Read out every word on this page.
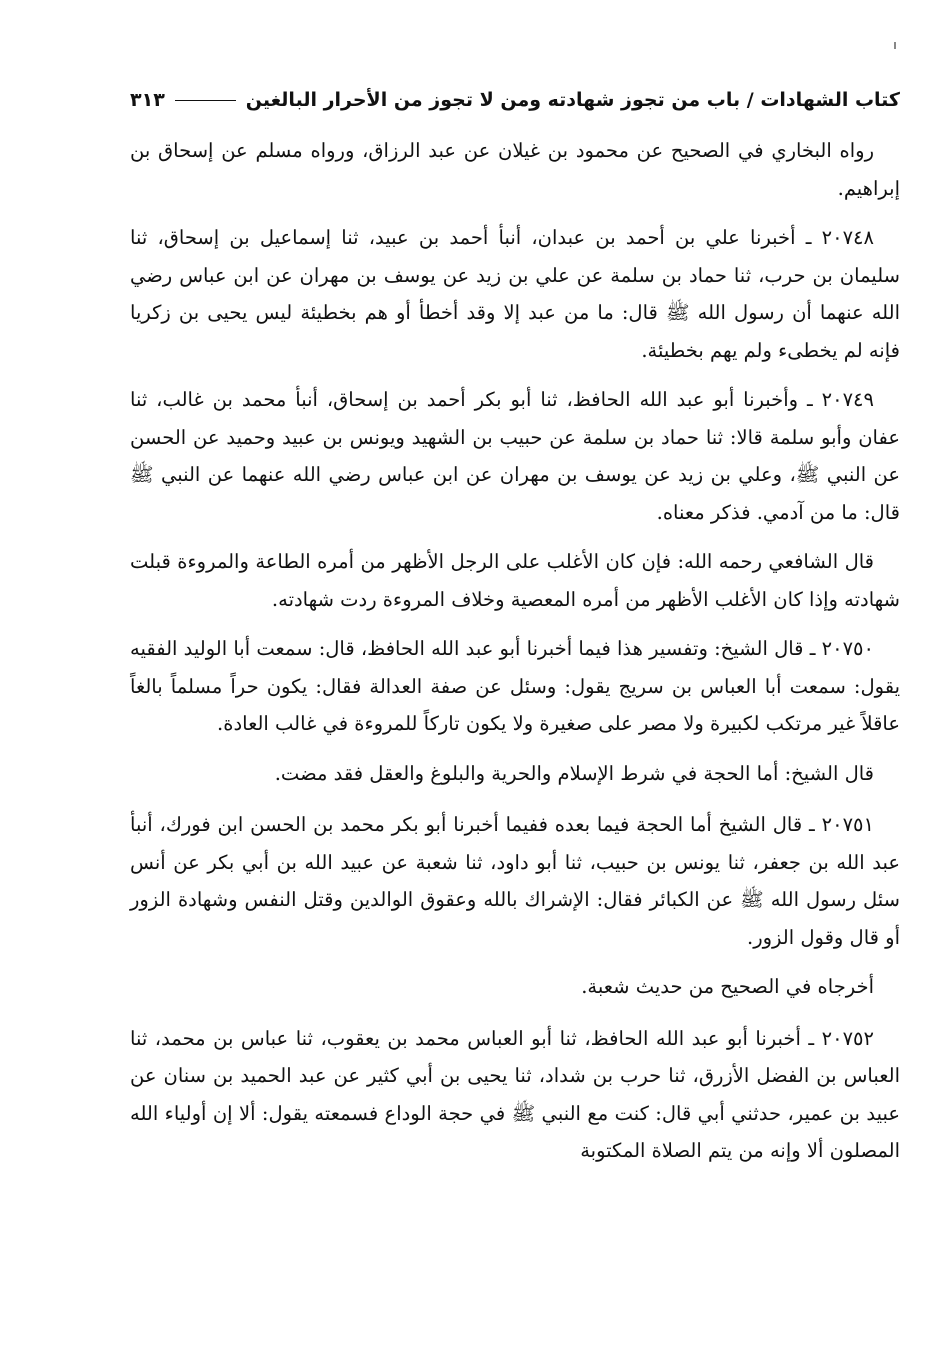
كتاب الشهادات / باب من تجوز شهادته ومن لا تجوز من الأحرار البالغين
٣١٣

رواه البخاري في الصحيح عن محمود بن غيلان عن عبد الرزاق، ورواه مسلم عن إسحاق بن إبراهيم.

٢٠٧٤٨ ـ أخبرنا علي بن أحمد بن عبدان، أنبأ أحمد بن عبيد، ثنا إسماعيل بن إسحاق، ثنا سليمان بن حرب، ثنا حماد بن سلمة عن علي بن زيد عن يوسف بن مهران عن ابن عباس رضي الله عنهما أن رسول الله ﷺ قال: ما من عبد إلا وقد أخطأ أو هم بخطيئة ليس يحيى بن زكريا فإنه لم يخطىء ولم يهم بخطيئة.

٢٠٧٤٩ ـ وأخبرنا أبو عبد الله الحافظ، ثنا أبو بكر أحمد بن إسحاق، أنبأ محمد بن غالب، ثنا عفان وأبو سلمة قالا: ثنا حماد بن سلمة عن حبيب بن الشهيد ويونس بن عبيد وحميد عن الحسن عن النبي ﷺ، وعلي بن زيد عن يوسف بن مهران عن ابن عباس رضي الله عنهما عن النبي ﷺ قال: ما من آدمي. فذكر معناه.

قال الشافعي رحمه الله: فإن كان الأغلب على الرجل الأظهر من أمره الطاعة والمروءة قبلت شهادته وإذا كان الأغلب الأظهر من أمره المعصية وخلاف المروءة ردت شهادته.

٢٠٧٥٠ ـ قال الشيخ: وتفسير هذا فيما أخبرنا أبو عبد الله الحافظ، قال: سمعت أبا الوليد الفقيه يقول: سمعت أبا العباس بن سريج يقول: وسئل عن صفة العدالة فقال: يكون حراً مسلماً بالغاً عاقلاً غير مرتكب لكبيرة ولا مصر على صغيرة ولا يكون تاركاً للمروءة في غالب العادة.

قال الشيخ: أما الحجة في شرط الإسلام والحرية والبلوغ والعقل فقد مضت.

٢٠٧٥١ ـ قال الشيخ أما الحجة فيما بعده ففيما أخبرنا أبو بكر محمد بن الحسن ابن فورك، أنبأ عبد الله بن جعفر، ثنا يونس بن حبيب، ثنا أبو داود، ثنا شعبة عن عبيد الله بن أبي بكر عن أنس سئل رسول الله ﷺ عن الكبائر فقال: الإشراك بالله وعقوق الوالدين وقتل النفس وشهادة الزور أو قال وقول الزور.

أخرجاه في الصحيح من حديث شعبة.

٢٠٧٥٢ ـ أخبرنا أبو عبد الله الحافظ، ثنا أبو العباس محمد بن يعقوب، ثنا عباس بن محمد، ثنا العباس بن الفضل الأزرق، ثنا حرب بن شداد، ثنا يحيى بن أبي كثير عن عبد الحميد بن سنان عن عبيد بن عمير، حدثني أبي قال: كنت مع النبي ﷺ في حجة الوداع فسمعته يقول: ألا إن أولياء الله المصلون ألا وإنه من يتم الصلاة المكتوبة
